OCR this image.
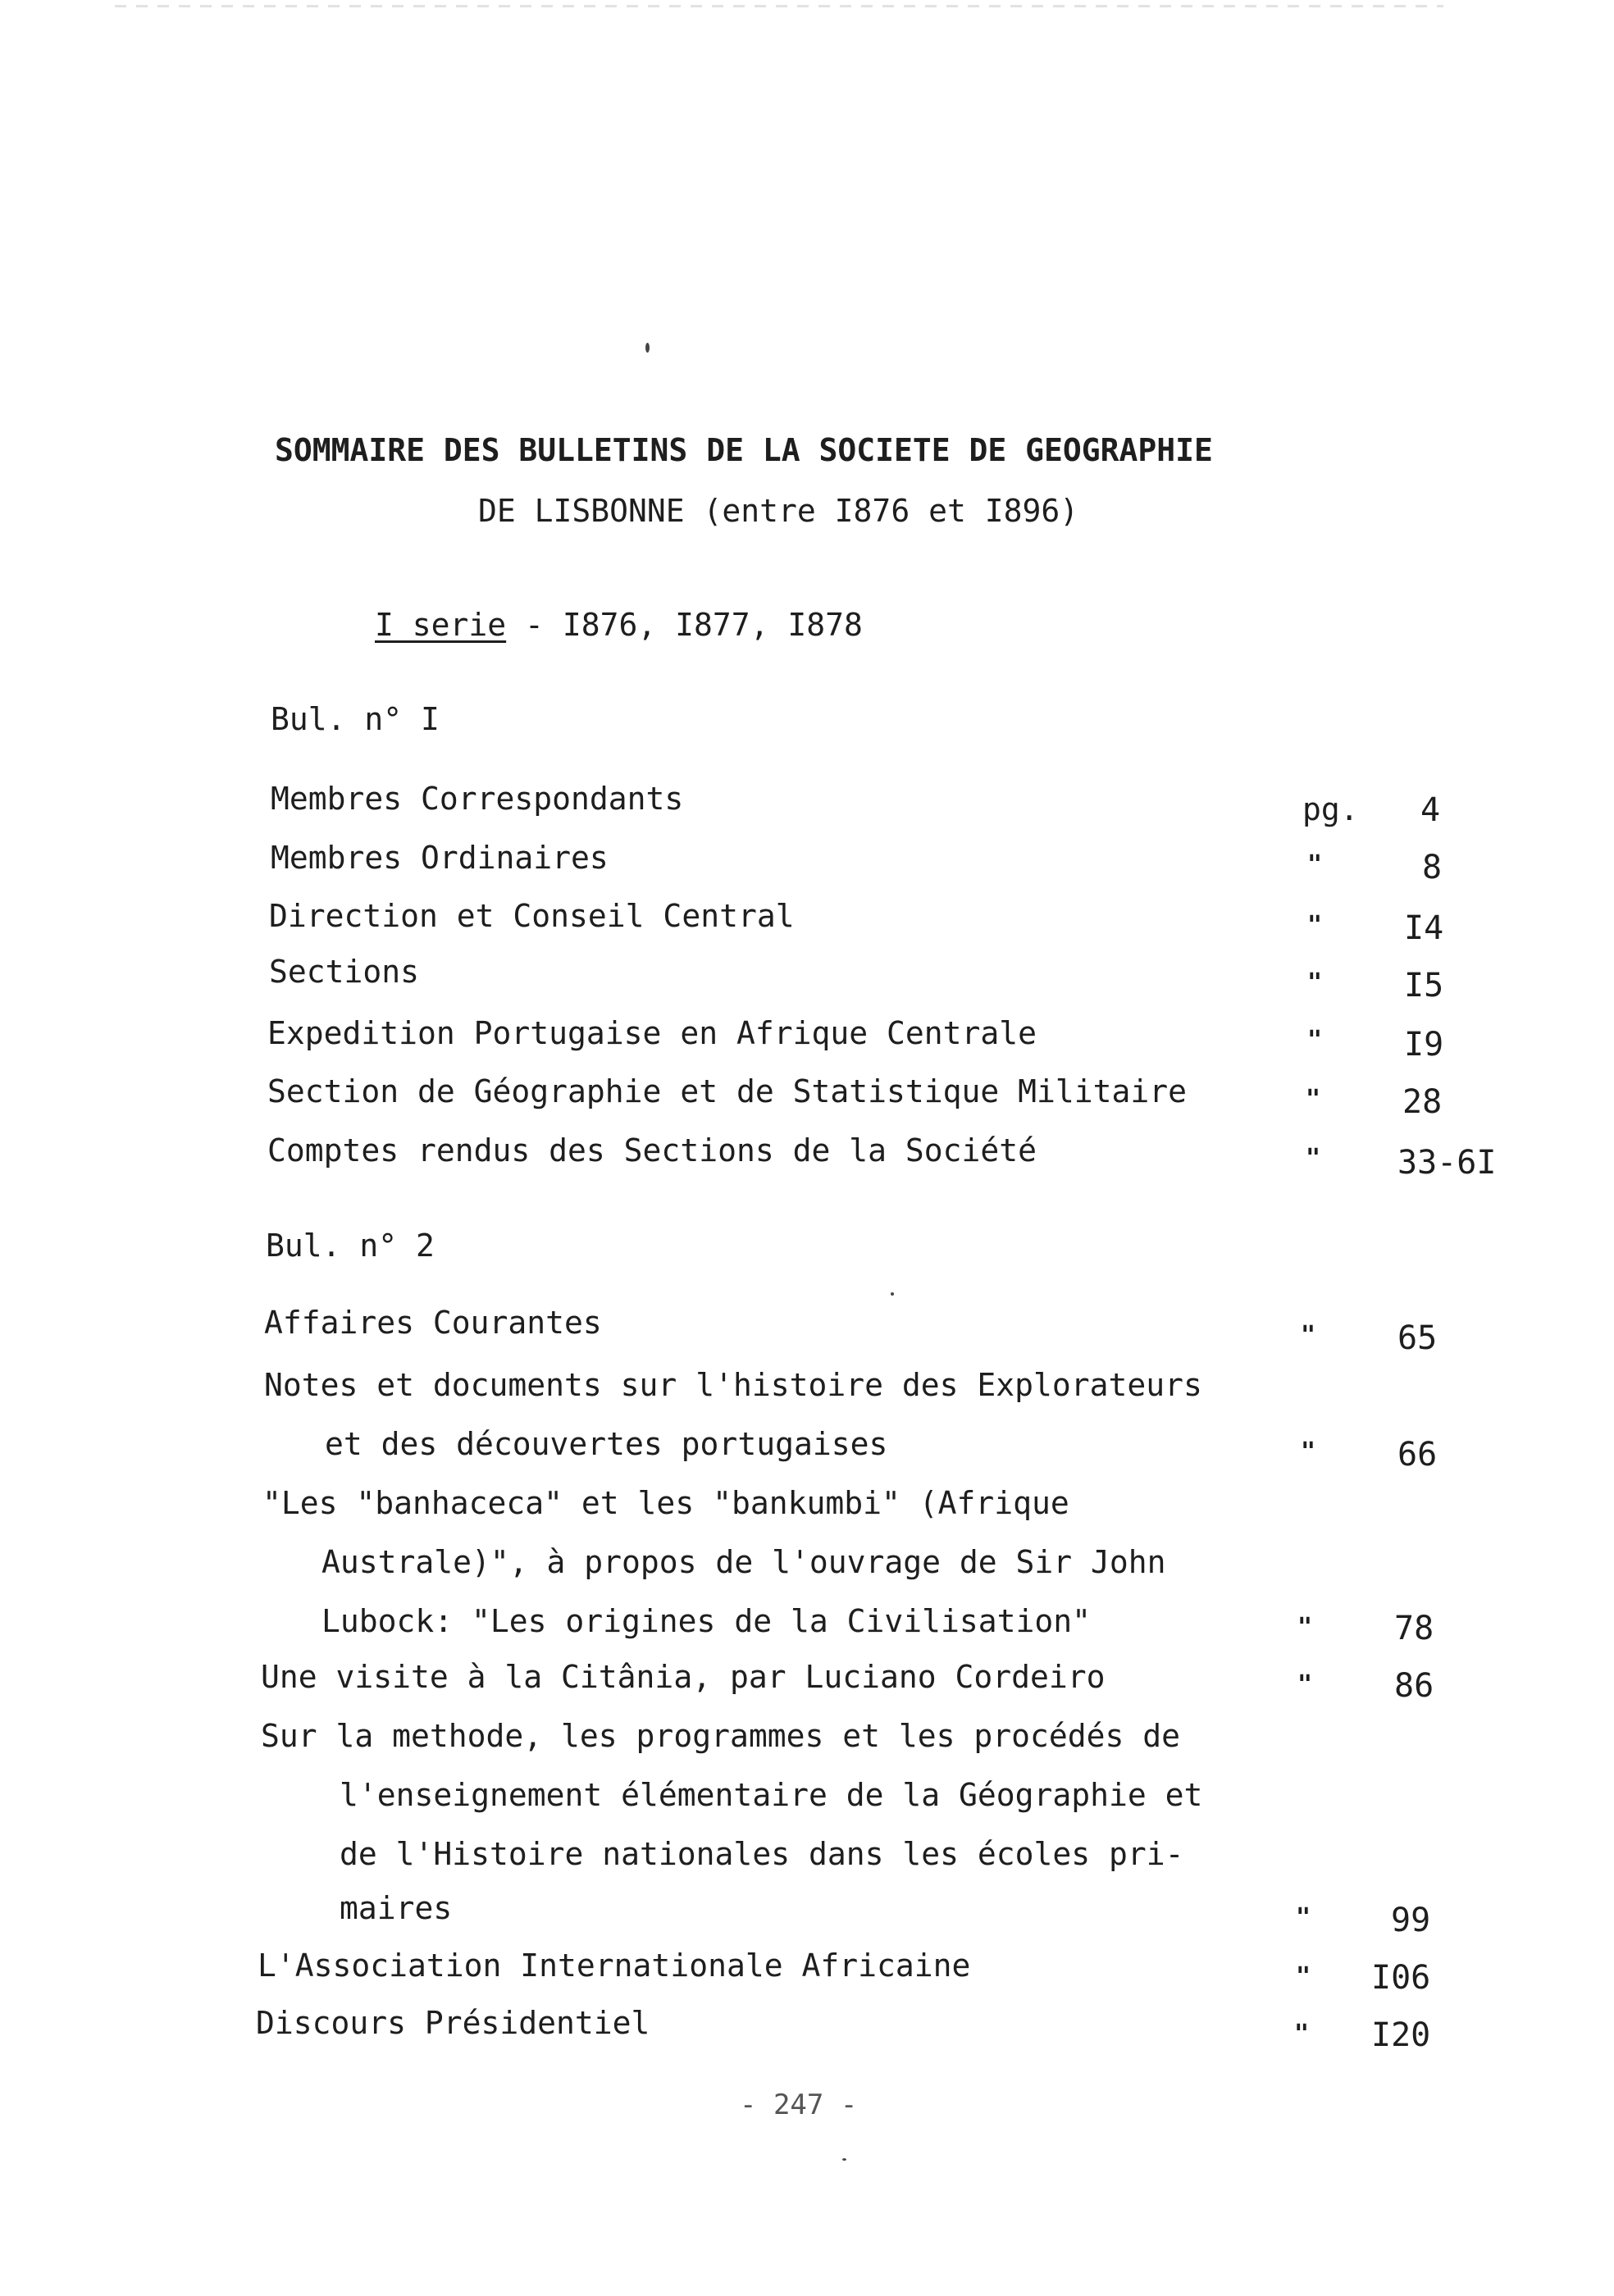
SOMMAIRE DES BULLETINS DE LA SOCIETE DE GEOGRAPHIE
DE LISBONNE (entre I876 et I896)
I serie - I876, I877, I878
Bul. n° I
Membres Correspondants	pg. 4
Membres Ordinaires	"	8
Direction et Conseil Central	" I4
Sections	" I5
Expedition Portugaise en Afrique Centrale	" I9
Section de Géographie et de Statistique Militaire	" 28
Comptes rendus des Sections de la Société	" 33-6I
Bul. n° 2
Affaires Courantes	" 65
Notes et documents sur l'histoire des Explorateurs
et des découvertes portugaises	" 66
"Les "banhaceca" et les "bankumbi" (Afrique
Australe)", à propos de l'ouvrage de Sir John
Lubock: "Les origines de la Civilisation"	" 78
Une visite à la Citânia, par Luciano Cordeiro	" 86
Sur la methode, les programmes et les procédés de
l'enseignement élémentaire de la Géographie et
de l'Histoire nationales dans les écoles pri-
maires	" 99
L'Association Internationale Africaine	" I06
Discours Présidentiel	" I20
- 247 -
